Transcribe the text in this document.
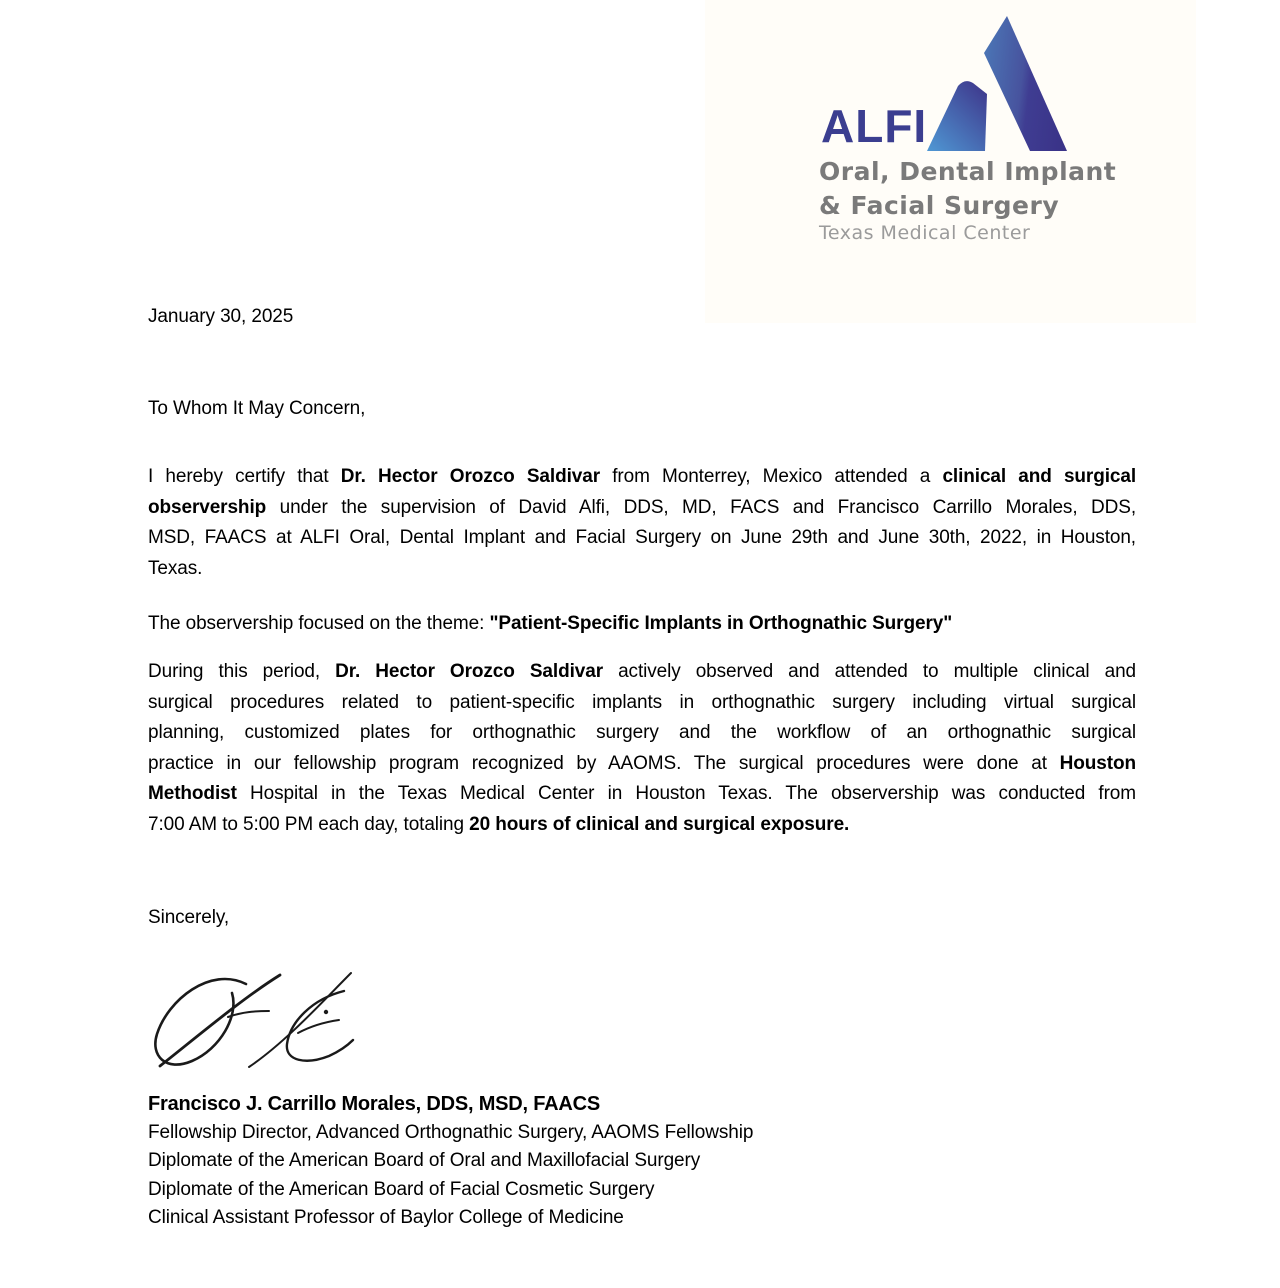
ALFI
Oral, Dental Implant
& Facial Surgery
Texas Medical Center
January 30, 2025
To Whom It May Concern,
I hereby certify that Dr. Hector Orozco Saldivar from Monterrey, Mexico attended a clinical and surgical
observership under the supervision of David Alfi, DDS, MD, FACS and Francisco Carrillo Morales, DDS,
MSD, FAACS at ALFI Oral, Dental Implant and Facial Surgery on June 29th and June 30th, 2022, in Houston,
Texas.
The observership focused on the theme: "Patient-Specific Implants in Orthognathic Surgery"
During this period, Dr. Hector Orozco Saldivar actively observed and attended to multiple clinical and
surgical procedures related to patient-specific implants in orthognathic surgery including virtual surgical
planning, customized plates for orthognathic surgery and the workflow of an orthognathic surgical
practice in our fellowship program recognized by AAOMS. The surgical procedures were done at Houston
Methodist Hospital in the Texas Medical Center in Houston Texas. The observership was conducted from
7:00 AM to 5:00 PM each day, totaling 20 hours of clinical and surgical exposure.
Sincerely,
Francisco J. Carrillo Morales, DDS, MSD, FAACS
Fellowship Director, Advanced Orthognathic Surgery, AAOMS Fellowship
Diplomate of the American Board of Oral and Maxillofacial Surgery
Diplomate of the American Board of Facial Cosmetic Surgery
Clinical Assistant Professor of Baylor College of Medicine
